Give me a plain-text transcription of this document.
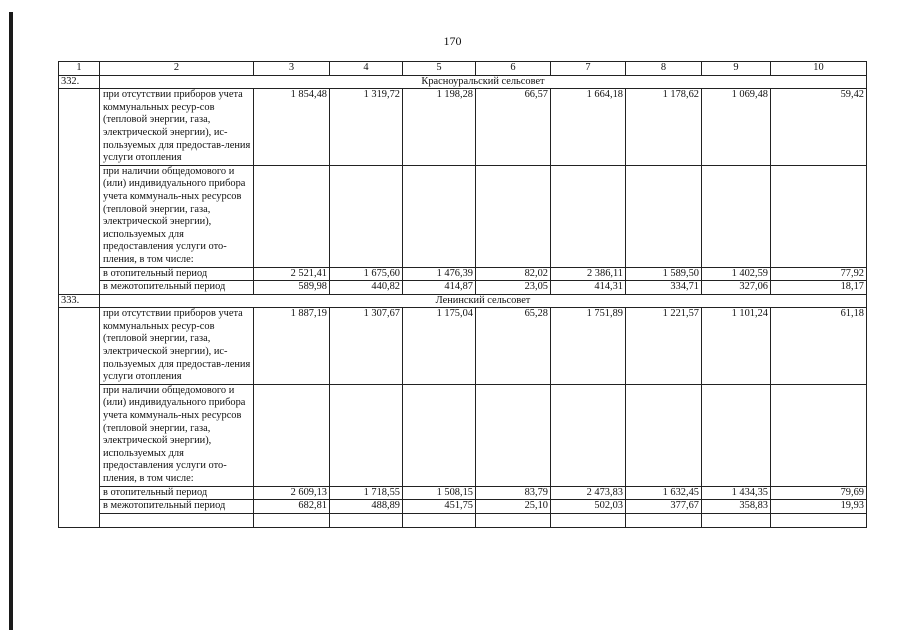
170
1	2	3	4	5	6	7	8	9	10
332.	Красноуральский сельсовет								
	при отсутствии приборов учета коммунальных ресур-сов (тепловой энергии, газа, электрической энергии), ис-пользуемых для предостав-ления услуги отопления	1 854,48	1 319,72	1 198,28	66,57	1 664,18	1 178,62	1 069,48	59,42
	при наличии общедомового и (или) индивидуального прибора учета коммуналь-ных ресурсов (тепловой энергии, газа, электрической энергии), используемых для предоставления услуги ото-пления, в том числе:								
	в отопительный период	2 521,41	1 675,60	1 476,39	82,02	2 386,11	1 589,50	1 402,59	77,92
	в межотопительный период	589,98	440,82	414,87	23,05	414,31	334,71	327,06	18,17
333.	Ленинский сельсовет								
	при отсутствии приборов учета коммунальных ресур-сов (тепловой энергии, газа, электрической энергии), ис-пользуемых для предостав-ления услуги отопления	1 887,19	1 307,67	1 175,04	65,28	1 751,89	1 221,57	1 101,24	61,18
	при наличии общедомового и (или) индивидуального прибора учета коммуналь-ных ресурсов (тепловой энергии, газа, электрической энергии), используемых для предоставления услуги ото-пления, в том числе:								
	в отопительный период	2 609,13	1 718,55	1 508,15	83,79	2 473,83	1 632,45	1 434,35	79,69
	в межотопительный период	682,81	488,89	451,75	25,10	502,03	377,67	358,83	19,93
